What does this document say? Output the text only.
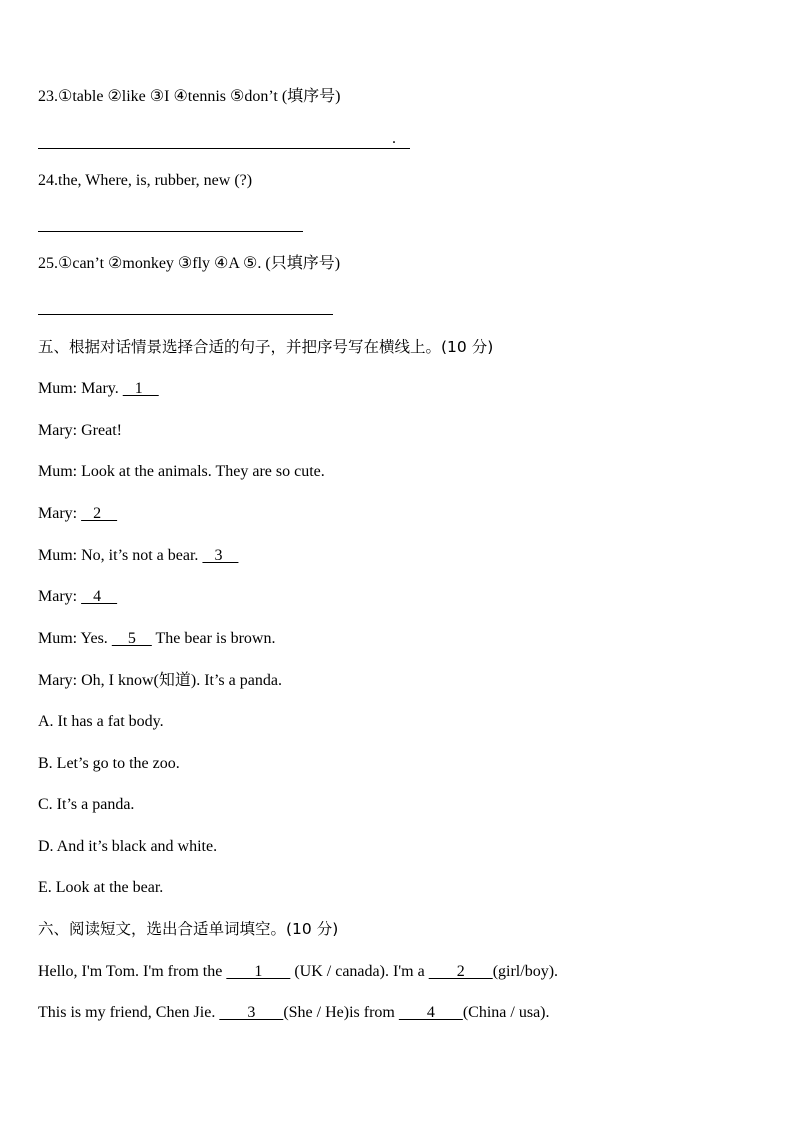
23.①table ②like ③I ④tennis ⑤don’t (填序号)
.
24.the, Where, is, rubber, new (?)
25.①can’t ②monkey ③fly ④A ⑤. (只填序号)
五、根据对话情景选择合适的句子，并把序号写在横线上。(10 分)
Mum: Mary.    1
Mary: Great!
Mum: Look at the animals. They are so cute.
Mary:    2
Mum: No, it’s not a bear.    3
Mary:    4
Mum: Yes.     5     The bear is brown.
Mary: Oh, I know(知道). It’s a panda.
A. It has a fat body.
B. Let’s go to the zoo.
C. It’s a panda.
D. And it’s black and white.
E. Look at the bear.
六、阅读短文，选出合适单词填空。(10 分)
Hello, I'm Tom. I'm from the        1        (UK / canada). I'm a        2       (girl/boy).
This is my friend, Chen Jie.        3       (She / He)is from        4       (China / usa).
